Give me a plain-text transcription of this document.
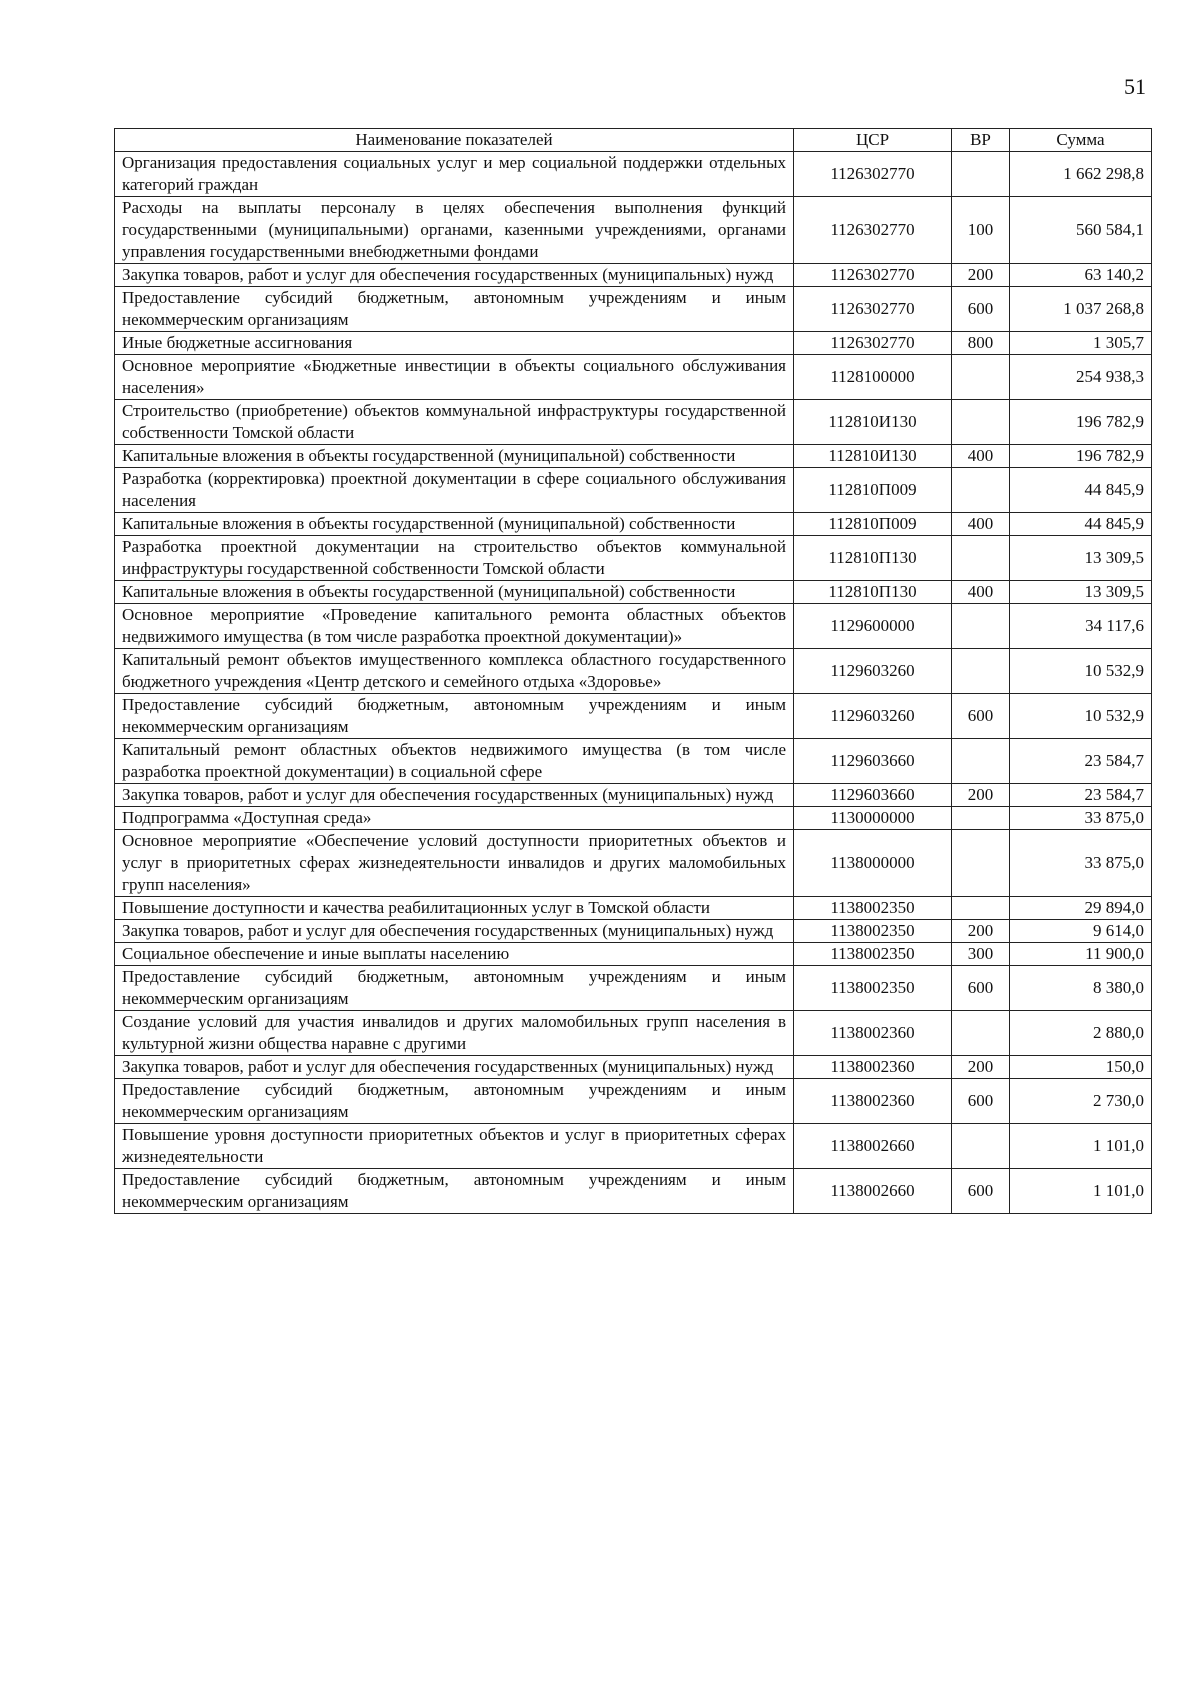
51
Наименование показателей	ЦСР	ВР	Сумма
Организация предоставления социальных услуг и мер социальной поддержки отдельных категорий граждан	1126302770		1 662 298,8
Расходы на выплаты персоналу в целях обеспечения выполнения функций государственными (муниципальными) органами, казенными учреждениями, органами управления государственными внебюджетными фондами	1126302770	100	560 584,1
Закупка товаров, работ и услуг для обеспечения государственных (муниципальных) нужд	1126302770	200	63 140,2
Предоставление субсидий бюджетным, автономным учреждениям и иным некоммерческим организациям	1126302770	600	1 037 268,8
Иные бюджетные ассигнования	1126302770	800	1 305,7
Основное мероприятие «Бюджетные инвестиции в объекты социального обслуживания населения»	1128100000		254 938,3
Строительство (приобретение) объектов коммунальной инфраструктуры государственной собственности Томской области	112810И130		196 782,9
Капитальные вложения в объекты государственной (муниципальной) собственности	112810И130	400	196 782,9
Разработка (корректировка) проектной документации в сфере социального обслуживания населения	112810П009		44 845,9
Капитальные вложения в объекты государственной (муниципальной) собственности	112810П009	400	44 845,9
Разработка проектной документации на строительство объектов коммунальной инфраструктуры государственной собственности Томской области	112810П130		13 309,5
Капитальные вложения в объекты государственной (муниципальной) собственности	112810П130	400	13 309,5
Основное мероприятие «Проведение капитального ремонта областных объектов недвижимого имущества (в том числе разработка проектной документации)»	1129600000		34 117,6
Капитальный ремонт объектов имущественного комплекса областного государственного бюджетного учреждения «Центр детского и семейного отдыха «Здоровье»	1129603260		10 532,9
Предоставление субсидий бюджетным, автономным учреждениям и иным некоммерческим организациям	1129603260	600	10 532,9
Капитальный ремонт областных объектов недвижимого имущества (в том числе разработка проектной документации) в социальной сфере	1129603660		23 584,7
Закупка товаров, работ и услуг для обеспечения государственных (муниципальных) нужд	1129603660	200	23 584,7
Подпрограмма «Доступная среда»	1130000000		33 875,0
Основное мероприятие «Обеспечение условий доступности приоритетных объектов и услуг в приоритетных сферах жизнедеятельности инвалидов и других маломобильных групп населения»	1138000000		33 875,0
Повышение доступности и качества реабилитационных услуг в Томской области	1138002350		29 894,0
Закупка товаров, работ и услуг для обеспечения государственных (муниципальных) нужд	1138002350	200	9 614,0
Социальное обеспечение и иные выплаты населению	1138002350	300	11 900,0
Предоставление субсидий бюджетным, автономным учреждениям и иным некоммерческим организациям	1138002350	600	8 380,0
Создание условий для участия инвалидов и других маломобильных групп населения в культурной жизни общества наравне с другими	1138002360		2 880,0
Закупка товаров, работ и услуг для обеспечения государственных (муниципальных) нужд	1138002360	200	150,0
Предоставление субсидий бюджетным, автономным учреждениям и иным некоммерческим организациям	1138002360	600	2 730,0
Повышение уровня доступности приоритетных объектов и услуг в приоритетных сферах жизнедеятельности	1138002660		1 101,0
Предоставление субсидий бюджетным, автономным учреждениям и иным некоммерческим организациям	1138002660	600	1 101,0
